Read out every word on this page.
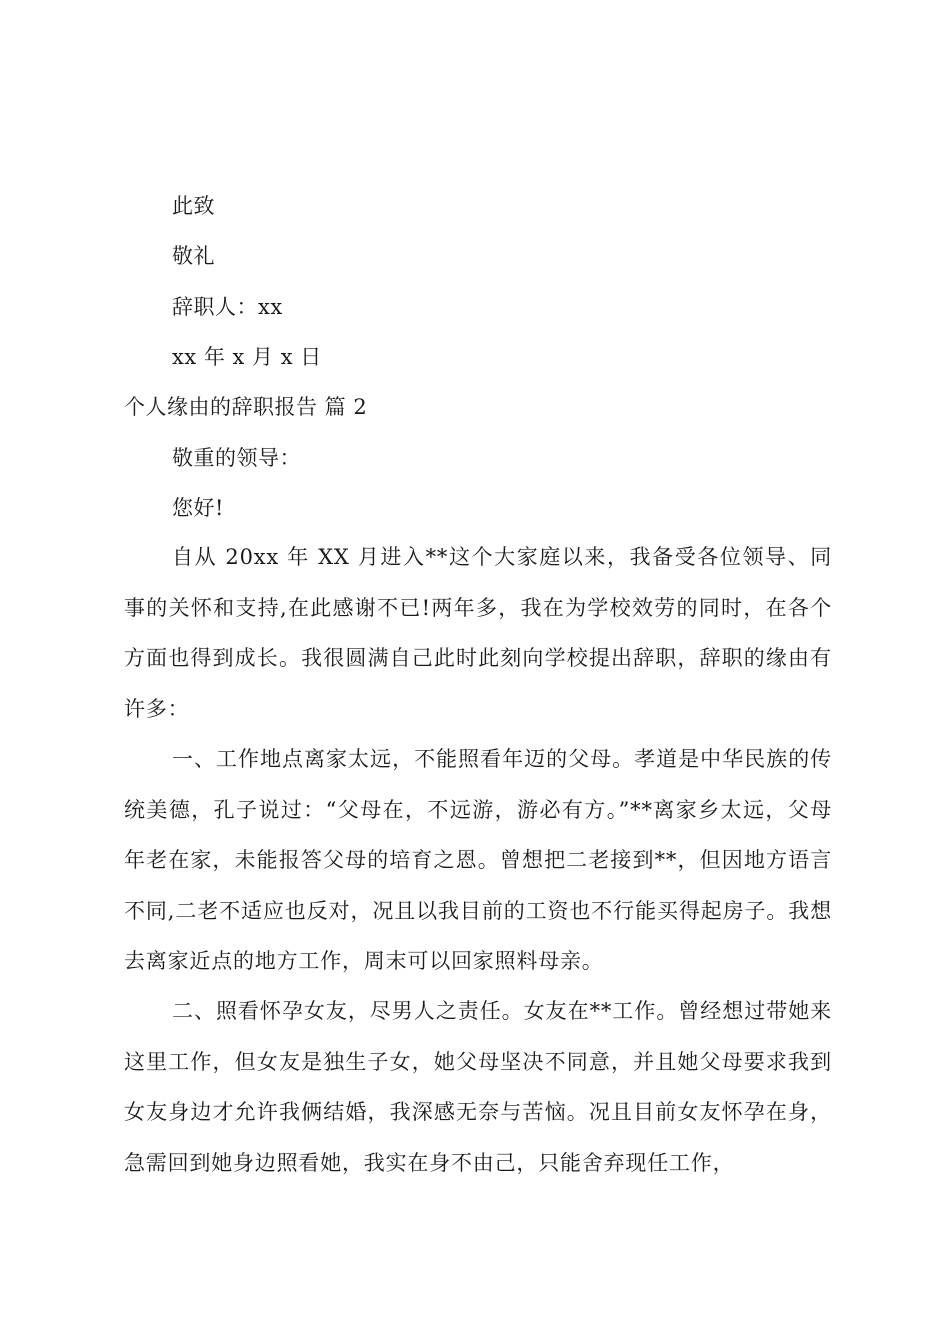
此致
敬礼
辞职人：xx
xx 年 x 月 x 日
个人缘由的辞职报告 篇 2
敬重的领导：
您好!
自从 20xx 年 XX 月进入**这个大家庭以来，我备受各位领导、同事的关怀和支持,在此感谢不已!两年多，我在为学校效劳的同时，在各个方面也得到成长。我很圆满自己此时此刻向学校提出辞职，辞职的缘由有许多：
一、工作地点离家太远，不能照看年迈的父母。孝道是中华民族的传统美德，孔子说过：“父母在，不远游，游必有方。”**离家乡太远，父母年老在家，未能报答父母的培育之恩。曾想把二老接到**，但因地方语言不同,二老不适应也反对，况且以我目前的工资也不行能买得起房子。我想去离家近点的地方工作，周末可以回家照料母亲。
二、照看怀孕女友，尽男人之责任。女友在**工作。曾经想过带她来这里工作，但女友是独生子女，她父母坚决不同意，并且她父母要求我到女友身边才允许我俩结婚，我深感无奈与苦恼。况且目前女友怀孕在身，急需回到她身边照看她，我实在身不由己，只能舍弃现任工作，
